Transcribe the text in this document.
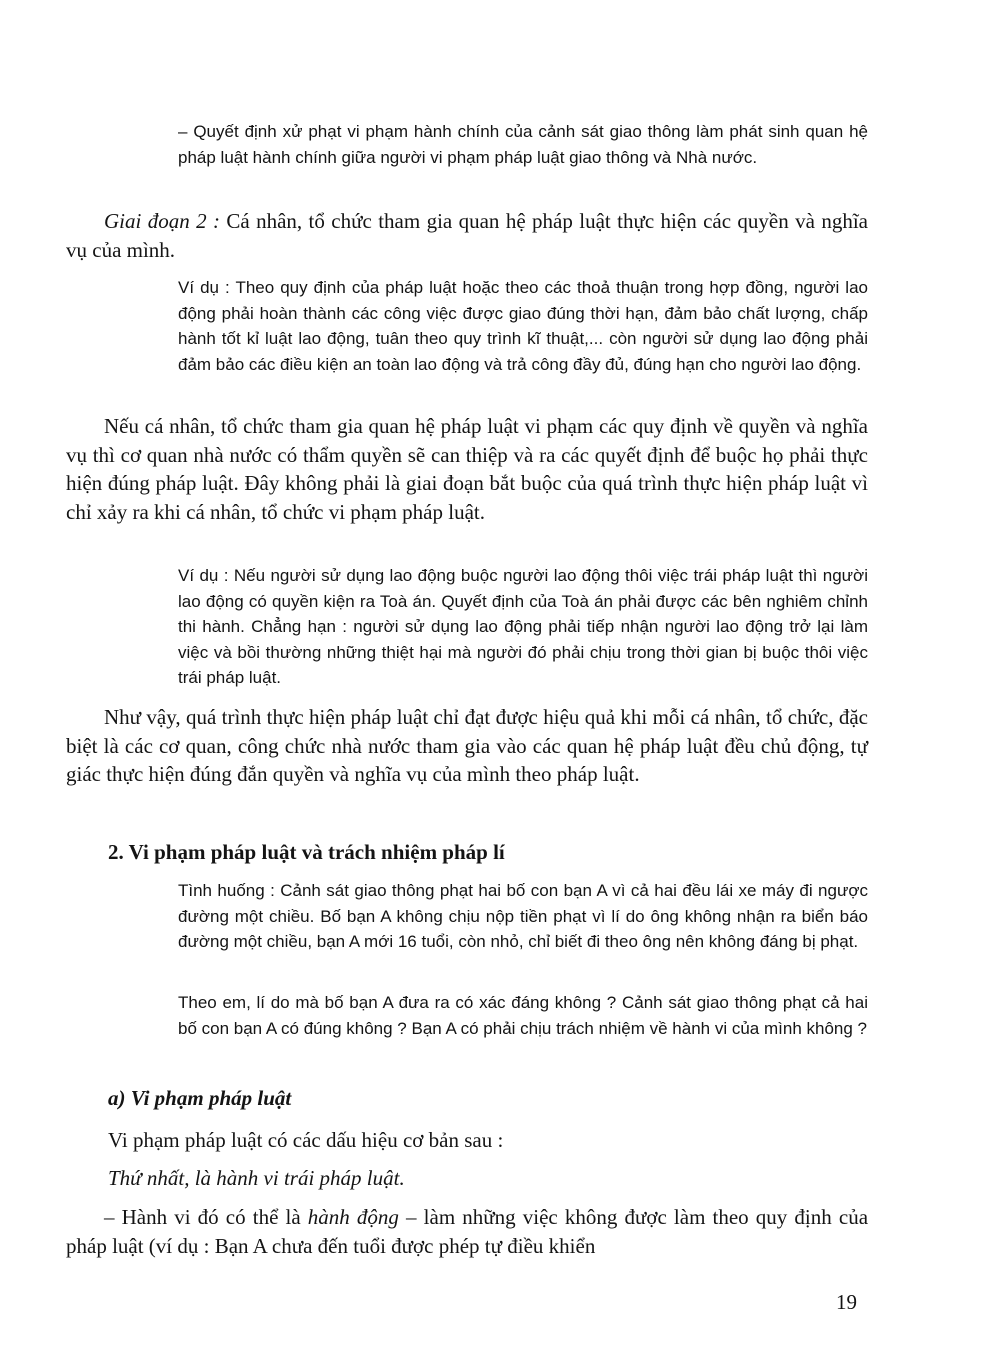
– Quyết định xử phạt vi phạm hành chính của cảnh sát giao thông làm phát sinh quan hệ pháp luật hành chính giữa người vi phạm pháp luật giao thông và Nhà nước.

Giai đoạn 2 : Cá nhân, tổ chức tham gia quan hệ pháp luật thực hiện các quyền và nghĩa vụ của mình.

Ví dụ : Theo quy định của pháp luật hoặc theo các thoả thuận trong hợp đồng, người lao động phải hoàn thành các công việc được giao đúng thời hạn, đảm bảo chất lượng, chấp hành tốt kỉ luật lao động, tuân theo quy trình kĩ thuật,... còn người sử dụng lao động phải đảm bảo các điều kiện an toàn lao động và trả công đầy đủ, đúng hạn cho người lao động.

Nếu cá nhân, tổ chức tham gia quan hệ pháp luật vi phạm các quy định về quyền và nghĩa vụ thì cơ quan nhà nước có thẩm quyền sẽ can thiệp và ra các quyết định để buộc họ phải thực hiện đúng pháp luật. Đây không phải là giai đoạn bắt buộc của quá trình thực hiện pháp luật vì chỉ xảy ra khi cá nhân, tổ chức vi phạm pháp luật.

Ví dụ : Nếu người sử dụng lao động buộc người lao động thôi việc trái pháp luật thì người lao động có quyền kiện ra Toà án. Quyết định của Toà án phải được các bên nghiêm chỉnh thi hành. Chẳng hạn : người sử dụng lao động phải tiếp nhận người lao động trở lại làm việc và bồi thường những thiệt hại mà người đó phải chịu trong thời gian bị buộc thôi việc trái pháp luật.

Như vậy, quá trình thực hiện pháp luật chỉ đạt được hiệu quả khi mỗi cá nhân, tổ chức, đặc biệt là các cơ quan, công chức nhà nước tham gia vào các quan hệ pháp luật đều chủ động, tự giác thực hiện đúng đắn quyền và nghĩa vụ của mình theo pháp luật.

2. Vi phạm pháp luật và trách nhiệm pháp lí

Tình huống : Cảnh sát giao thông phạt hai bố con bạn A vì cả hai đều lái xe máy đi ngược đường một chiều. Bố bạn A không chịu nộp tiền phạt vì lí do ông không nhận ra biển báo đường một chiều, bạn A mới 16 tuổi, còn nhỏ, chỉ biết đi theo ông nên không đáng bị phạt.

Theo em, lí do mà bố bạn A đưa ra có xác đáng không ? Cảnh sát giao thông phạt cả hai bố con bạn A có đúng không ? Bạn A có phải chịu trách nhiệm về hành vi của mình không ?

a) Vi phạm pháp luật

Vi phạm pháp luật có các dấu hiệu cơ bản sau :

Thứ nhất, là hành vi trái pháp luật.

– Hành vi đó có thể là hành động – làm những việc không được làm theo quy định của pháp luật (ví dụ : Bạn A chưa đến tuổi được phép tự điều khiển

19
